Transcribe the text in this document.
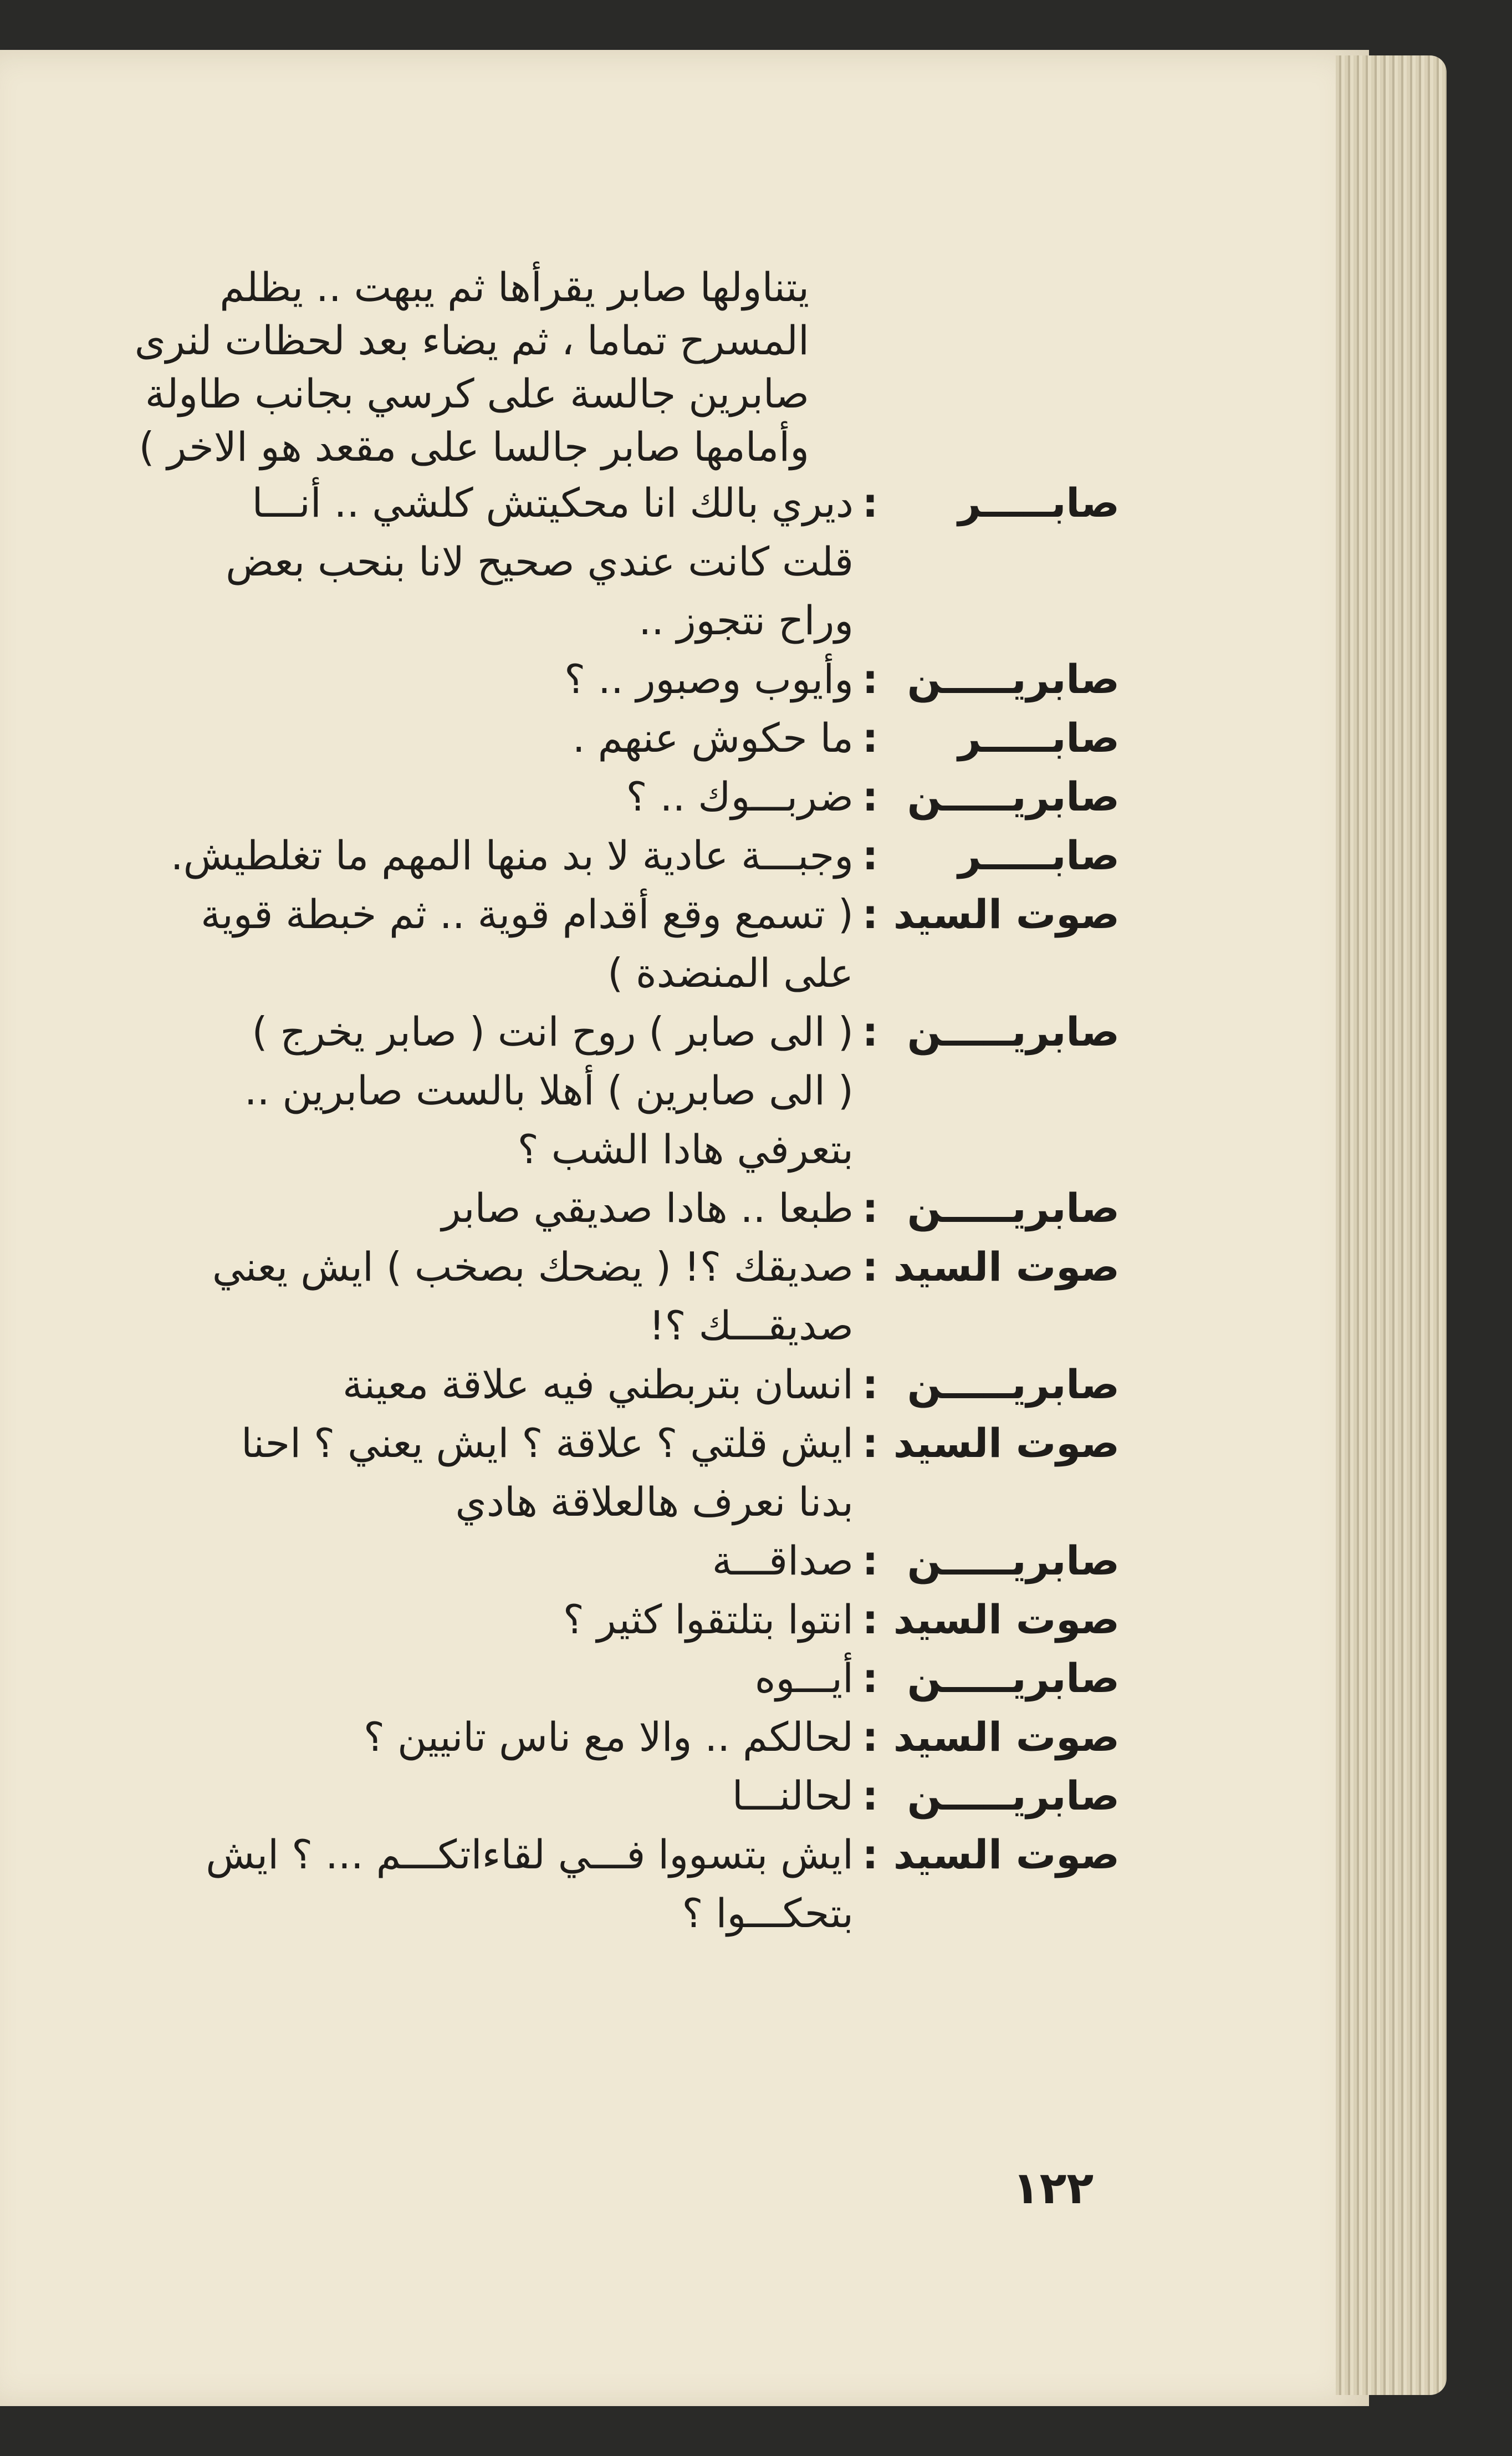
يتناولها صابر يقرأها ثم يبهت .. يظلم
المسرح تماما ، ثم يضاء بعد لحظات لنرى
صابرين جالسة على كرسي بجانب طاولة
وأمامها صابر جالسا على مقعد هو الاخر )
صابـــــر
:
ديري بالك انا محكيتش كلشي .. أنـــا
قلت كانت عندي صحيح لانا بنحب بعض
وراح نتجوز ..
صابريـــــن
:
وأيوب وصبور .. ؟
صابـــــر
:
ما حكوش عنهم .
صابريـــــن
:
ضربـــوك .. ؟
صابـــــر
:
وجبـــة عادية لا بد منها المهم ما تغلطيش.
صوت السيد
:
( تسمع وقع أقدام قوية .. ثم خبطة قوية
على المنضدة )
صابريـــــن
:
( الى صابر ) روح انت ( صابر يخرج )
( الى صابرين ) أهلا بالست صابرين ..
بتعرفي هادا الشب ؟
صابريـــــن
:
طبعا .. هادا صديقي صابر
صوت السيد
:
صديقك ؟! ( يضحك بصخب ) ايش يعني
صديقـــك ؟!
صابريـــــن
:
انسان بتربطني فيه علاقة معينة
صوت السيد
:
ايش قلتي ؟ علاقة ؟ ايش يعني ؟ احنا
بدنا نعرف هالعلاقة هادي
صابريـــــن
:
صداقـــة
صوت السيد
:
انتوا بتلتقوا كثير ؟
صابريـــــن
:
أيـــوه
صوت السيد
:
لحالكم .. والا مع ناس تانيين ؟
صابريـــــن
:
لحالنـــا
صوت السيد
:
ايش بتسووا فـــي لقاءاتكـــم ... ؟ ايش
بتحكـــوا ؟
١٢٢
